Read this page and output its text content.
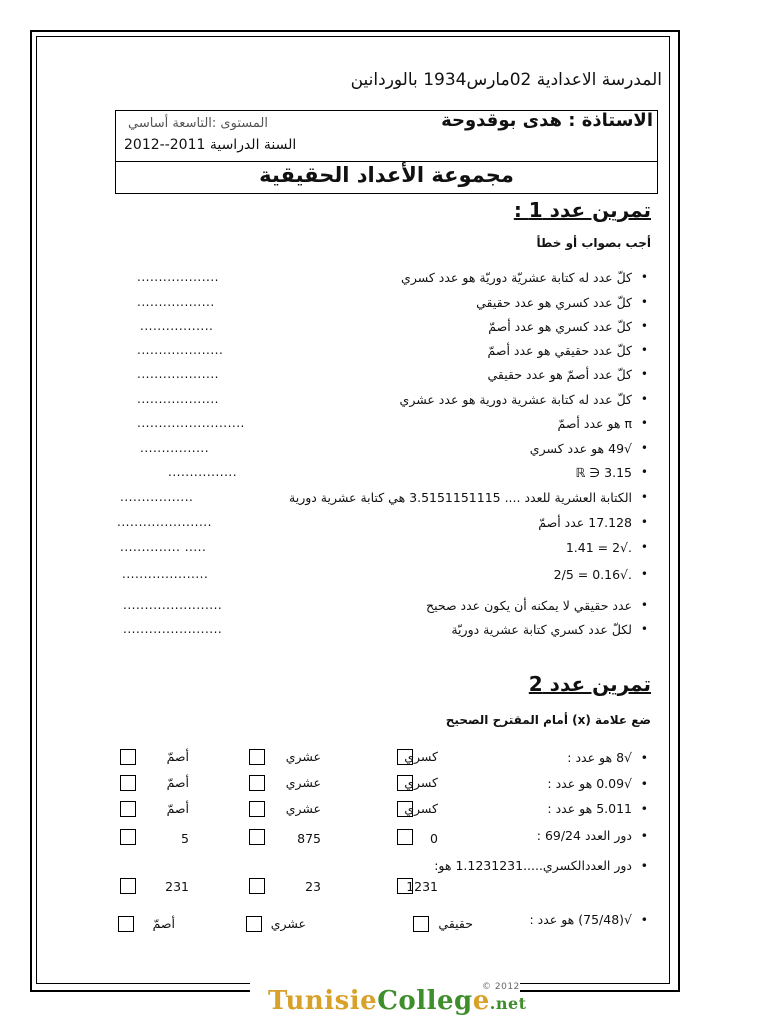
المدرسة الاعدادية 02مارس1934 بالوردانين
الاستاذة : هدى بوقدوحة
المستوى :التاسعة أساسي
السنة الدراسية 2011--2012
مجموعة الأعداد الحقيقية
تمرين عدد 1 :
أجب بصواب أو خطأ
•
كلّ عدد له كتابة عشريّة دوريّة هو عدد كسري
...................
•
كلّ عدد كسري هو عدد حقيقي
..................
•
كلّ عدد كسري هو عدد أصمّ
.................
•
كلّ عدد حقيقي هو عدد أصمّ
....................
•
كلّ عدد أصمّ هو عدد حقيقي
...................
•
كلّ عدد له كتابة عشرية دورية هو عدد عشري
...................
•
π هو عدد أصمّ
.........................
•
√49 هو عدد كسري
................
•
3.15 ∈ ℝ
................
•
الكتابة العشرية للعدد .... 3.5151151115 هي كتابة عشرية دورية
.................
•
17.128 عدد أصمّ
......................
•
.√2 = 1.41
.............. .....
•
.√0.16 = 2/5
....................
•
عدد حقيقي لا يمكنه أن يكون عدد صحيح
.......................
•
لكلّ عدد كسري كتابة عشرية دوريّة
.......................
تمرين عدد 2
ضع علامة (x) أمام المقترح الصحيح
•
√8 هو عدد :
أصمّ	عشري	كسري
•
√0.09 هو عدد :
أصمّ	عشري	كسري
•
5.011 هو عدد :
أصمّ	عشري	كسري
•
دور العدد 69/24 :
5	875	0
•
دور العددالكسري.....1.1231231 هو:
231	23	1231
•
√(75/48) هو عدد :
حقيقي
عشري
أصمّ
TunisieCollege.net
© 2012
